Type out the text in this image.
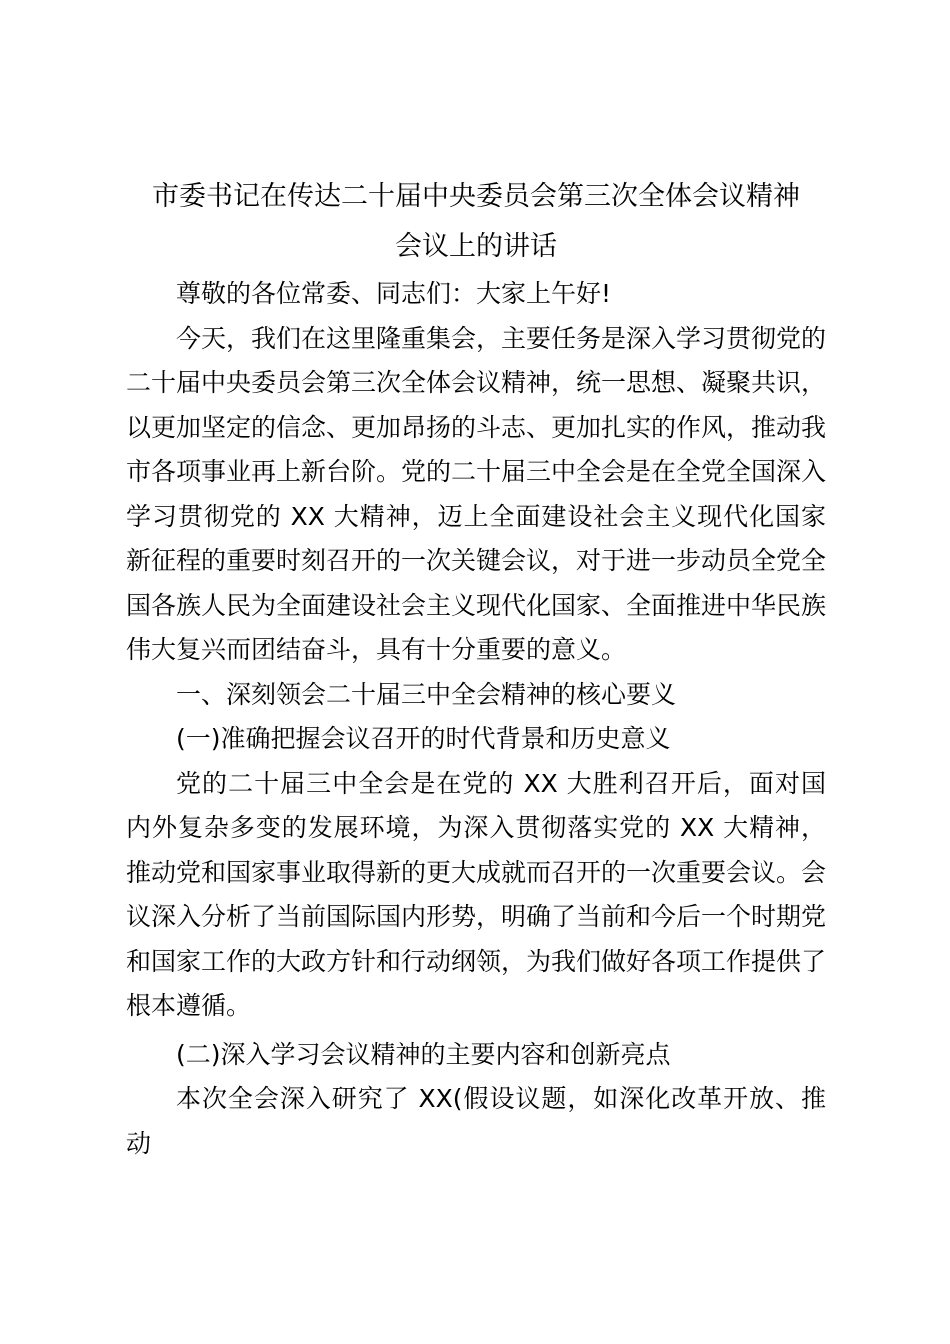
市委书记在传达二十届中央委员会第三次全体会议精神
会议上的讲话

尊敬的各位常委、同志们：大家上午好!

今天，我们在这里隆重集会，主要任务是深入学习贯彻党的二十届中央委员会第三次全体会议精神，统一思想、凝聚共识，以更加坚定的信念、更加昂扬的斗志、更加扎实的作风，推动我市各项事业再上新台阶。党的二十届三中全会是在全党全国深入学习贯彻党的 XX 大精神，迈上全面建设社会主义现代化国家新征程的重要时刻召开的一次关键会议，对于进一步动员全党全国各族人民为全面建设社会主义现代化国家、全面推进中华民族伟大复兴而团结奋斗，具有十分重要的意义。

一、深刻领会二十届三中全会精神的核心要义

(一)准确把握会议召开的时代背景和历史意义

党的二十届三中全会是在党的 XX 大胜利召开后，面对国内外复杂多变的发展环境，为深入贯彻落实党的 XX 大精神，推动党和国家事业取得新的更大成就而召开的一次重要会议。会议深入分析了当前国际国内形势，明确了当前和今后一个时期党和国家工作的大政方针和行动纲领，为我们做好各项工作提供了根本遵循。

(二)深入学习会议精神的主要内容和创新亮点

本次全会深入研究了 XX(假设议题，如深化改革开放、推动
